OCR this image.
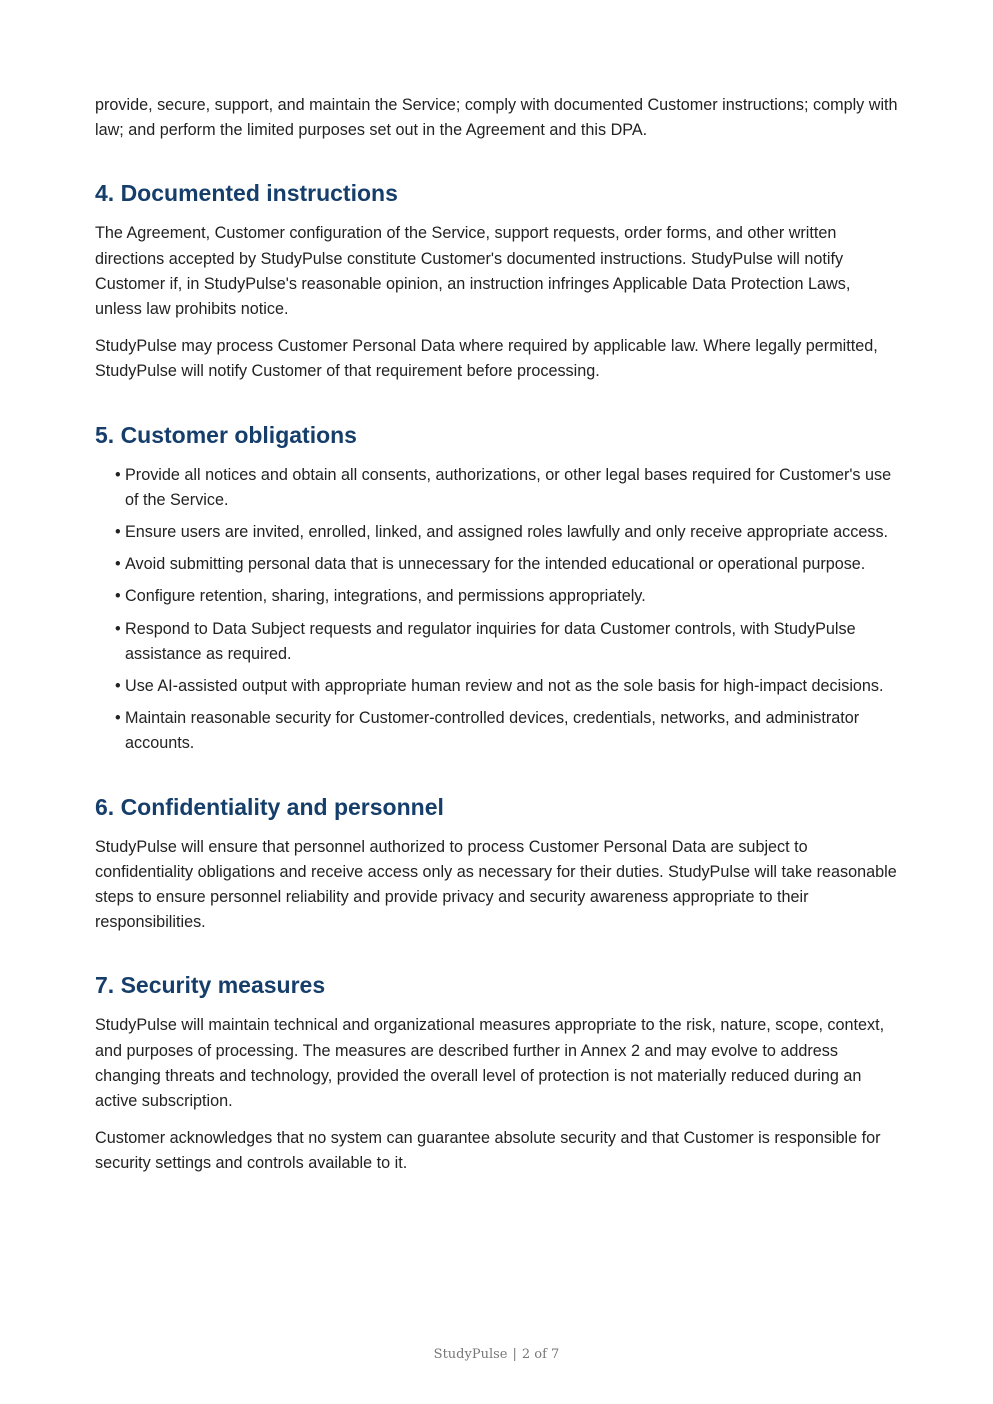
provide, secure, support, and maintain the Service; comply with documented Customer instructions; comply with law; and perform the limited purposes set out in the Agreement and this DPA.

4. Documented instructions

The Agreement, Customer configuration of the Service, support requests, order forms, and other written directions accepted by StudyPulse constitute Customer's documented instructions. StudyPulse will notify Customer if, in StudyPulse's reasonable opinion, an instruction infringes Applicable Data Protection Laws, unless law prohibits notice.

StudyPulse may process Customer Personal Data where required by applicable law. Where legally permitted, StudyPulse will notify Customer of that requirement before processing.

5. Customer obligations
• Provide all notices and obtain all consents, authorizations, or other legal bases required for Customer's use of the Service.
• Ensure users are invited, enrolled, linked, and assigned roles lawfully and only receive appropriate access.
• Avoid submitting personal data that is unnecessary for the intended educational or operational purpose.
• Configure retention, sharing, integrations, and permissions appropriately.
• Respond to Data Subject requests and regulator inquiries for data Customer controls, with StudyPulse assistance as required.
• Use AI-assisted output with appropriate human review and not as the sole basis for high-impact decisions.
• Maintain reasonable security for Customer-controlled devices, credentials, networks, and administrator accounts.
6. Confidentiality and personnel

StudyPulse will ensure that personnel authorized to process Customer Personal Data are subject to confidentiality obligations and receive access only as necessary for their duties. StudyPulse will take reasonable steps to ensure personnel reliability and provide privacy and security awareness appropriate to their responsibilities.

7. Security measures

StudyPulse will maintain technical and organizational measures appropriate to the risk, nature, scope, context, and purposes of processing. The measures are described further in Annex 2 and may evolve to address changing threats and technology, provided the overall level of protection is not materially reduced during an active subscription.

Customer acknowledges that no system can guarantee absolute security and that Customer is responsible for security settings and controls available to it.

StudyPulse | 2 of 7
